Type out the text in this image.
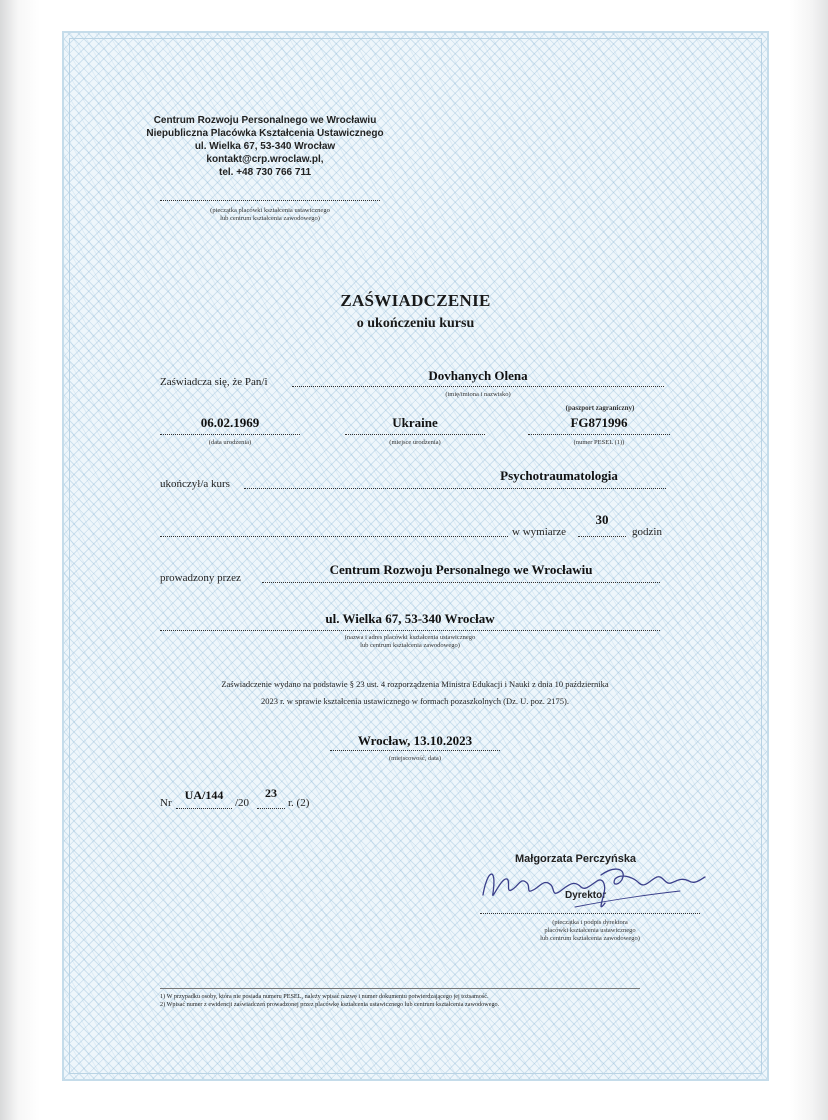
Centrum Rozwoju Personalnego we Wrocławiu
Niepubliczna Placówka Kształcenia Ustawicznego
ul. Wielka 67, 53-340 Wrocław
kontakt@crp.wroclaw.pl,
tel. +48 730 766 711
(pieczątka placówki kształcenia ustawicznego
lub centrum kształcenia zawodowego)
ZAŚWIADCZENIE
o ukończeniu kursu
Zaświadcza się, że Pan/i	Dovhanych Olena
(imię/imiona i nazwisko)
(paszport zagraniczny)
06.02.1969
(data urodzenia)
Ukraine
(miejsce urodzenia)
FG871996
(numer PESEL (1))
ukończył/a kurs
Psychotraumatologia
w wymiarze
30
godzin
prowadzony przez
Centrum Rozwoju Personalnego we Wrocławiu
ul. Wielka 67, 53-340 Wrocław
(nazwa i adres placówki kształcenia ustawicznego
lub centrum kształcenia zawodowego)
Zaświadczenie wydano na podstawie § 23 ust. 4 rozporządzenia Ministra Edukacji i Nauki z dnia 10 października
2023 r. w sprawie kształcenia ustawicznego w formach pozaszkolnych (Dz. U. poz. 2175).
Wrocław, 13.10.2023
(miejscowość, data)
Nr
UA/144
/20
23
r. (2)
Małgorzata Perczyńska
Dyrektor
(pieczątka i podpis dyrektora
placówki kształcenia ustawicznego
lub centrum kształcenia zawodowego)
1) W przypadku osoby, która nie posiada numeru PESEL, należy wpisać nazwę i numer dokumentu potwierdzającego jej tożsamość.
2) Wpisać numer z ewidencji zaświadczeń prowadzonej przez placówkę kształcenia ustawicznego lub centrum kształcenia zawodowego.
